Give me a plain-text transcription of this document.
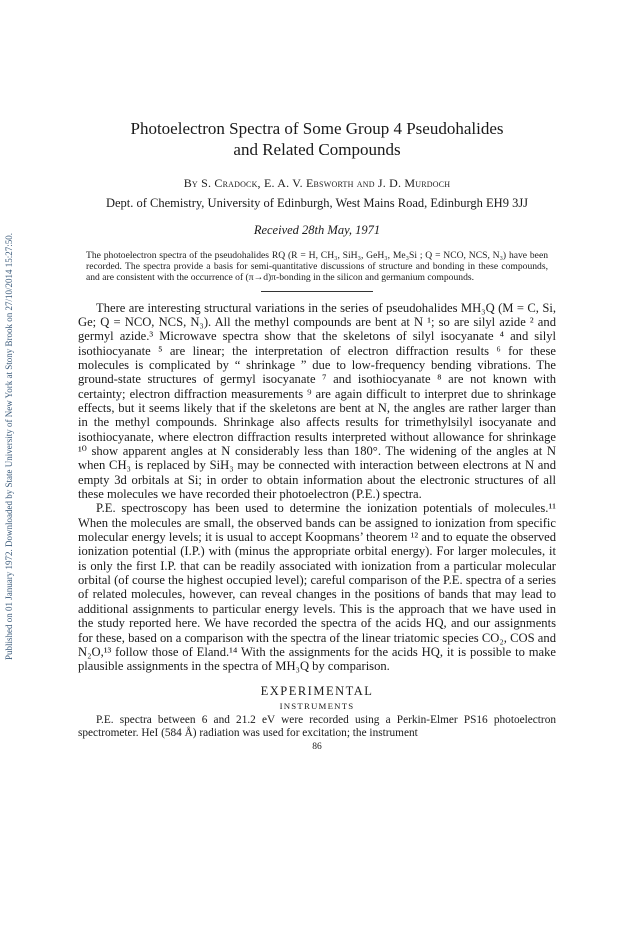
Published on 01 January 1972. Downloaded by State University of New York at Stony Brook on 27/10/2014 15:27:50.
Photoelectron Spectra of Some Group 4 Pseudohalides
and Related Compounds
By S. Cradock, E. A. V. Ebsworth and J. D. Murdoch
Dept. of Chemistry, University of Edinburgh, West Mains Road, Edinburgh EH9 3JJ
Received 28th May, 1971
The photoelectron spectra of the pseudohalides RQ (R = H, CH₃, SiH₃, GeH₃, Me₃Si ; Q = NCO, NCS, N₃) have been recorded. The spectra provide a basis for semi-quantitative discussions of structure and bonding in these compounds, and are consistent with the occurrence of (π→d)π-bonding in the silicon and germanium compounds.

There are interesting structural variations in the series of pseudohalides MH₃Q (M = C, Si, Ge; Q = NCO, NCS, N₃). All the methyl compounds are bent at N ¹; so are silyl azide ² and germyl azide.³ Microwave spectra show that the skeletons of silyl isocyanate ⁴ and silyl isothiocyanate ⁵ are linear; the interpretation of electron diffraction results ⁶ for these molecules is complicated by “ shrinkage ” due to low-frequency bending vibrations. The ground-state structures of germyl isocyanate ⁷ and isothiocyanate ⁸ are not known with certainty; electron diffraction measurements ⁹ are again difficult to interpret due to shrinkage effects, but it seems likely that if the skeletons are bent at N, the angles are rather larger than in the methyl compounds. Shrinkage also affects results for trimethylsilyl isocyanate and isothiocyanate, where electron diffraction results interpreted without allowance for shrinkage ¹⁰ show apparent angles at N considerably less than 180°. The widening of the angles at N when CH₃ is replaced by SiH₃ may be connected with interaction between electrons at N and empty 3d orbitals at Si; in order to obtain information about the electronic structures of all these molecules we have recorded their photoelectron (P.E.) spectra.

P.E. spectroscopy has been used to determine the ionization potentials of molecules.¹¹ When the molecules are small, the observed bands can be assigned to ionization from specific molecular energy levels; it is usual to accept Koopmans’ theorem ¹² and to equate the observed ionization potential (I.P.) with (minus the appropriate orbital energy). For larger molecules, it is only the first I.P. that can be readily associated with ionization from a particular molecular orbital (of course the highest occupied level); careful comparison of the P.E. spectra of a series of related molecules, however, can reveal changes in the positions of bands that may lead to additional assignments to particular energy levels. This is the approach that we have used in the study reported here. We have recorded the spectra of the acids HQ, and our assignments for these, based on a comparison with the spectra of the linear triatomic species CO₂, COS and N₂O,¹³ follow those of Eland.¹⁴ With the assignments for the acids HQ, it is possible to make plausible assignments in the spectra of MH₃Q by comparison.

EXPERIMENTAL
INSTRUMENTS

P.E. spectra between 6 and 21.2 eV were recorded using a Perkin-Elmer PS16 photoelectron spectrometer. HeI (584 Å) radiation was used for excitation; the instrument

86
